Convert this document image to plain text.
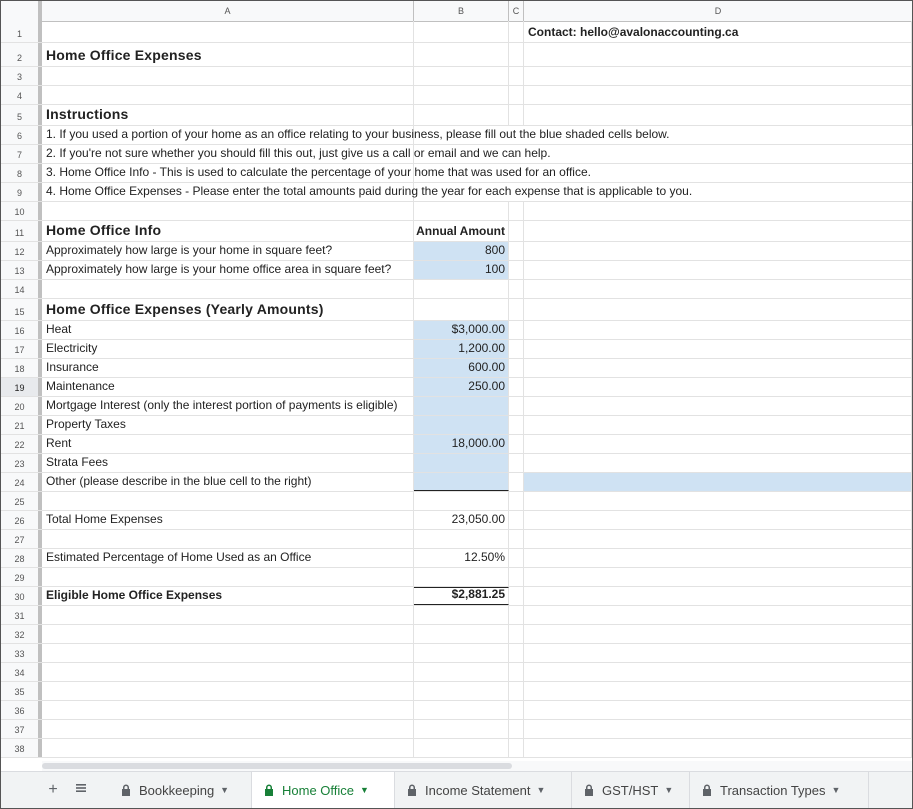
A	B	C	D
1	Contact: hello@avalonaccounting.ca
2	Home Office Expenses
3
4
5	Instructions
6	1. If you used a portion of your home as an office relating to your business, please fill out the blue shaded cells below.
7	2. If you're not sure whether you should fill this out, just give us a call or email and we can help.
8	3. Home Office Info - This is used to calculate the percentage of your home that was used for an office.
9	4. Home Office Expenses - Please enter the total amounts paid during the year for each expense that is applicable to you.
10
11	Home Office Info	Annual Amount
12	Approximately how large is your home in square feet?	800
13	Approximately how large is your home office area in square feet?	100
14
15	Home Office Expenses (Yearly Amounts)
16	Heat	$3,000.00
17	Electricity	1,200.00
18	Insurance	600.00
19	Maintenance	250.00
20	Mortgage Interest (only the interest portion of payments is eligible)
21	Property Taxes
22	Rent	18,000.00
23	Strata Fees
24	Other (please describe in the blue cell to the right)
25
26	Total Home Expenses	23,050.00
27
28	Estimated Percentage of Home Used as an Office	12.50%
29
30	Eligible Home Office Expenses	$2,881.25
31
32
33
34
35
36
37
38
+	Bookkeeping ▼	Home Office ▼	Income Statement ▼	GST/HST ▼	Transaction Types ▼
